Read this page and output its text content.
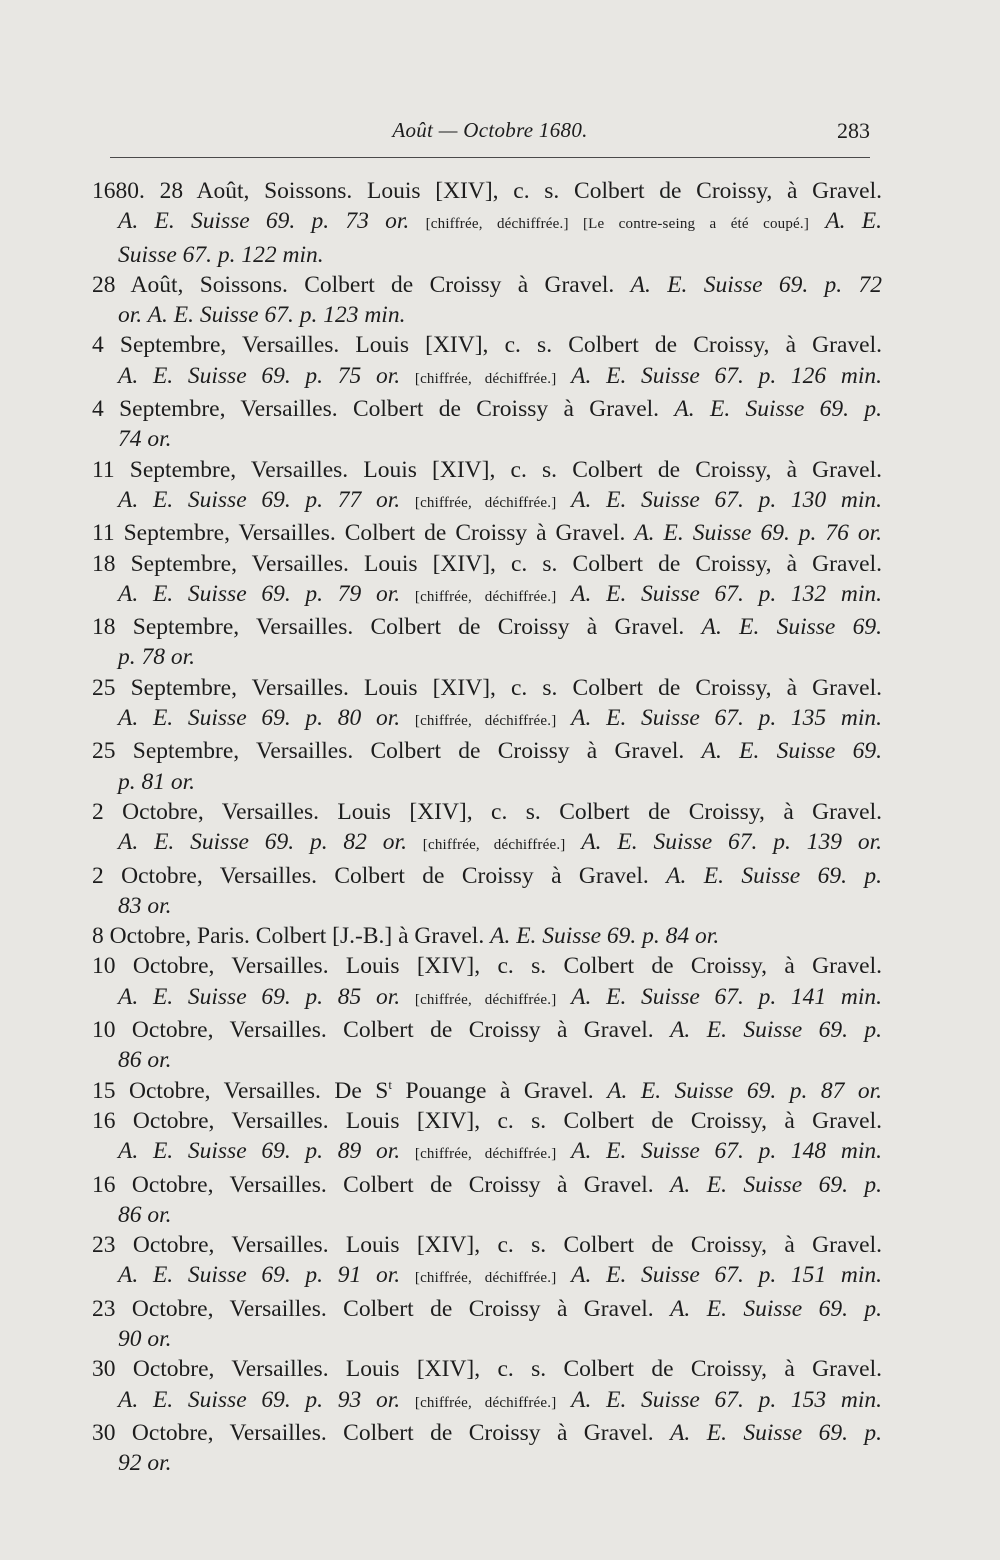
Août — Octobre 1680.	283
1680. 28 Août, Soissons. Louis [XIV], c. s. Colbert de Croissy, à Gravel.
A. E. Suisse 69. p. 73 or. [chiffrée, déchiffrée.] [Le contre-seing a été coupé.] A. E.
Suisse 67. p. 122 min.
28 Août, Soissons. Colbert de Croissy à Gravel. A. E. Suisse 69. p. 72
or. A. E. Suisse 67. p. 123 min.
4 Septembre, Versailles. Louis [XIV], c. s. Colbert de Croissy, à Gravel.
A. E. Suisse 69. p. 75 or. [chiffrée, déchiffrée.] A. E. Suisse 67. p. 126 min.
4 Septembre, Versailles. Colbert de Croissy à Gravel. A. E. Suisse 69. p.
74 or.
11 Septembre, Versailles. Louis [XIV], c. s. Colbert de Croissy, à Gravel.
A. E. Suisse 69. p. 77 or. [chiffrée, déchiffrée.] A. E. Suisse 67. p. 130 min.
11 Septembre, Versailles. Colbert de Croissy à Gravel. A. E. Suisse 69. p. 76 or.
18 Septembre, Versailles. Louis [XIV], c. s. Colbert de Croissy, à Gravel.
A. E. Suisse 69. p. 79 or. [chiffrée, déchiffrée.] A. E. Suisse 67. p. 132 min.
18 Septembre, Versailles. Colbert de Croissy à Gravel. A. E. Suisse 69.
p. 78 or.
25 Septembre, Versailles. Louis [XIV], c. s. Colbert de Croissy, à Gravel.
A. E. Suisse 69. p. 80 or. [chiffrée, déchiffrée.] A. E. Suisse 67. p. 135 min.
25 Septembre, Versailles. Colbert de Croissy à Gravel. A. E. Suisse 69.
p. 81 or.
2 Octobre, Versailles. Louis [XIV], c. s. Colbert de Croissy, à Gravel.
A. E. Suisse 69. p. 82 or. [chiffrée, déchiffrée.] A. E. Suisse 67. p. 139 or.
2 Octobre, Versailles. Colbert de Croissy à Gravel. A. E. Suisse 69. p.
83 or.
8 Octobre, Paris. Colbert [J.-B.] à Gravel. A. E. Suisse 69. p. 84 or.
10 Octobre, Versailles. Louis [XIV], c. s. Colbert de Croissy, à Gravel.
A. E. Suisse 69. p. 85 or. [chiffrée, déchiffrée.] A. E. Suisse 67. p. 141 min.
10 Octobre, Versailles. Colbert de Croissy à Gravel. A. E. Suisse 69. p.
86 or.
15 Octobre, Versailles. De $S^t$ Pouange à Gravel. A. E. Suisse 69. p. 87 or.
16 Octobre, Versailles. Louis [XIV], c. s. Colbert de Croissy, à Gravel.
A. E. Suisse 69. p. 89 or. [chiffrée, déchiffrée.] A. E. Suisse 67. p. 148 min.
16 Octobre, Versailles. Colbert de Croissy à Gravel. A. E. Suisse 69. p.
86 or.
23 Octobre, Versailles. Louis [XIV], c. s. Colbert de Croissy, à Gravel.
A. E. Suisse 69. p. 91 or. [chiffrée, déchiffrée.] A. E. Suisse 67. p. 151 min.
23 Octobre, Versailles. Colbert de Croissy à Gravel. A. E. Suisse 69. p.
90 or.
30 Octobre, Versailles. Louis [XIV], c. s. Colbert de Croissy, à Gravel.
A. E. Suisse 69. p. 93 or. [chiffrée, déchiffrée.] A. E. Suisse 67. p. 153 min.
30 Octobre, Versailles. Colbert de Croissy à Gravel. A. E. Suisse 69. p.
92 or.
